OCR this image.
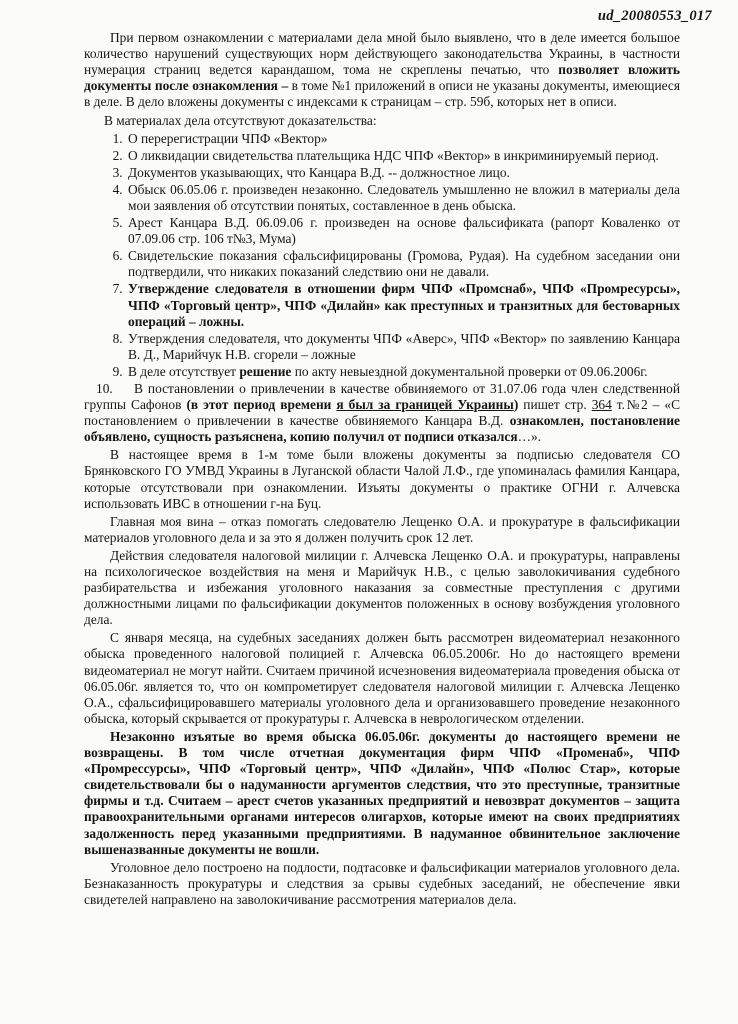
ud_20080553_017

При первом ознакомлении с материалами дела мной было выявлено, что в деле имеется большое количество нарушений существующих норм действующего законодательства Украины, в частности нумерация страниц ведется карандашом, тома не скреплены печатью, что позволяет вложить документы после ознакомления – в томе №1 приложений в описи не указаны документы, имеющиеся в деле. В дело вложены документы с индексами к страницам – стр. 59б, которых нет в описи.

В материалах дела отсутствуют доказательства:

1. О перерегистрации ЧПФ «Вектор»
2. О ликвидации свидетельства плательщика НДС ЧПФ «Вектор» в инкриминируемый период.
3. Документов указывающих, что Канцара В.Д. -- должностное лицо.
4. Обыск 06.05.06 г. произведен незаконно. Следователь умышленно не вложил в материалы дела мои заявления об отсутствии понятых, составленное в день обыска.
5. Арест Канцара В.Д. 06.09.06 г. произведен на основе фальсификата (рапорт Коваленко от 07.09.06 стр. 106 т№3, Мума)
6. Свидетельские показания сфальсифицированы (Громова, Рудая). На судебном заседании они подтвердили, что никаких показаний следствию они не давали.
7. Утверждение следователя в отношении фирм ЧПФ «Промснаб», ЧПФ «Промресурсы», ЧПФ «Торговый центр», ЧПФ «Дилайн» как преступных и транзитных для бестоварных операций – ложны.
8. Утверждения следователя, что документы ЧПФ «Аверс», ЧПФ «Вектор» по заявлению Канцара В. Д., Марийчук Н.В. сгорели – ложные
9. В деле отсутствует решение по акту невыездной документальной проверки от 09.06.2006г.

10. В постановлении о привлечении в качестве обвиняемого от 31.07.06 года член следственной группы Сафонов (в этот период времени я был за границей Украины) пишет стр. 364 т.№2 – «С постановлением о привлечении в качестве обвиняемого Канцара В.Д. ознакомлен, постановление объявлено, сущность разъяснена, копию получил от подписи отказался…».

В настоящее время в 1-м томе были вложены документы за подписью следователя СО Брянковского ГО УМВД Украины в Луганской области Чалой Л.Ф., где упоминалась фамилия Канцара, которые отсутствовали при ознакомлении. Изъяты документы о практике ОГНИ г. Алчевска использовать ИВС в отношении г-на Буц.

Главная моя вина – отказ помогать следователю Лещенко О.А. и прокуратуре в фальсификации материалов уголовного дела и за это я должен получить срок 12 лет.

Действия следователя налоговой милиции г. Алчевска Лещенко О.А. и прокуратуры, направлены на психологическое воздействия на меня и Марийчук Н.В., с целью заволокичивания судебного разбирательства и избежания уголовного наказания за совместные преступления с другими должностными лицами по фальсификации документов положенных в основу возбуждения уголовного дела.

С января месяца, на судебных заседаниях должен быть рассмотрен видеоматериал незаконного обыска проведенного налоговой полицией г. Алчевска 06.05.2006г. Но до настоящего времени видеоматериал не могут найти. Считаем причиной исчезновения видеоматериала проведения обыска от 06.05.06г. является то, что он компрометирует следователя налоговой милиции г. Алчевска Лещенко О.А., сфальсифицировавшего материалы уголовного дела и организовавшего проведение незаконного обыска, который скрывается от прокуратуры г. Алчевска в неврологическом отделении.

Незаконно изъятые во время обыска 06.05.06г. документы до настоящего времени не возвращены. В том числе отчетная документация фирм ЧПФ «Променаб», ЧПФ «Промрессурсы», ЧПФ «Торговый центр», ЧПФ «Дилайн», ЧПФ «Полюс Стар», которые свидетельствовали бы о надуманности аргументов следствия, что это преступные, транзитные фирмы и т.д. Считаем – арест счетов указанных предприятий и невозврат документов – защита правоохранительными органами интересов олигархов, которые имеют на своих предприятиях задолженность перед указанными предприятиями. В надуманное обвинительное заключение вышеназванные документы не вошли.

Уголовное дело построено на подлости, подтасовке и фальсификации материалов уголовного дела. Безнаказанность прокуратуры и следствия за срывы судебных заседаний, не обеспечение явки свидетелей направлено на заволокичивание рассмотрения материалов дела.
